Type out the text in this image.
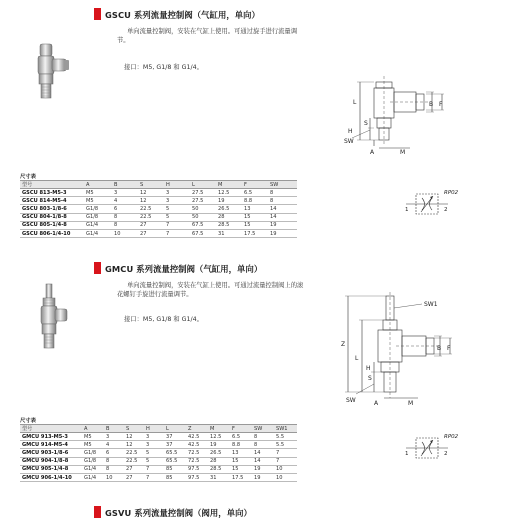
GSCU 系列流量控制阀（气缸用，单向）
单向流量控制阀，安装在气缸上使用。可通过旋手进行流量调节。
接口：M5, G1/8 和 G1/4。
L	B F
S
H
SW
A	M
1	2
RP02
尺寸表
型号	A	B	S	H	L	M	F	SW
GSCU 813-M5-3	M5	3	12	3	27.5	12.5	6.5	8
GSCU 814-M5-4	M5	4	12	3	27.5	19	8.8	8
GSCU 803-1/8-6	G1/8	6	22.5	5	50	26.5	13	14
GSCU 804-1/8-8	G1/8	8	22.5	5	50	28	15	14
GSCU 805-1/4-8	G1/4	8	27	7	67.5	28.5	15	19
GSCU 806-1/4-10	G1/4	10	27	7	67.5	31	17.5	19
GMCU 系列流量控制阀（气缸用，单向）
单向流量控制阀，安装在气缸上使用。可通过流量控制阀上的滚花螺钉手旋进行流量调节。
接口：M5, G1/8 和 G1/4。
SW1
Z
L
B F
S
H
SW	A	M
1	2
RP02
尺寸表
型号	A	B	S	H	L	Z	M	F	SW	SW1
GMCU 913-M5-3	M5	3	12	3	37	42.5	12.5	6.5	8	5.5
GMCU 914-M5-4	M5	4	12	3	37	42.5	19	8.8	8	5.5
GMCU 903-1/8-6	G1/8	6	22.5	5	65.5	72.5	26.5	13	14	7
GMCU 904-1/8-8	G1/8	8	22.5	5	65.5	72.5	28	15	14	7
GMCU 905-1/4-8	G1/4	8	27	7	85	97.5	28.5	15	19	10
GMCU 906-1/4-10	G1/4	10	27	7	85	97.5	31	17.5	19	10
GSVU 系列流量控制阀（阀用，单向）
